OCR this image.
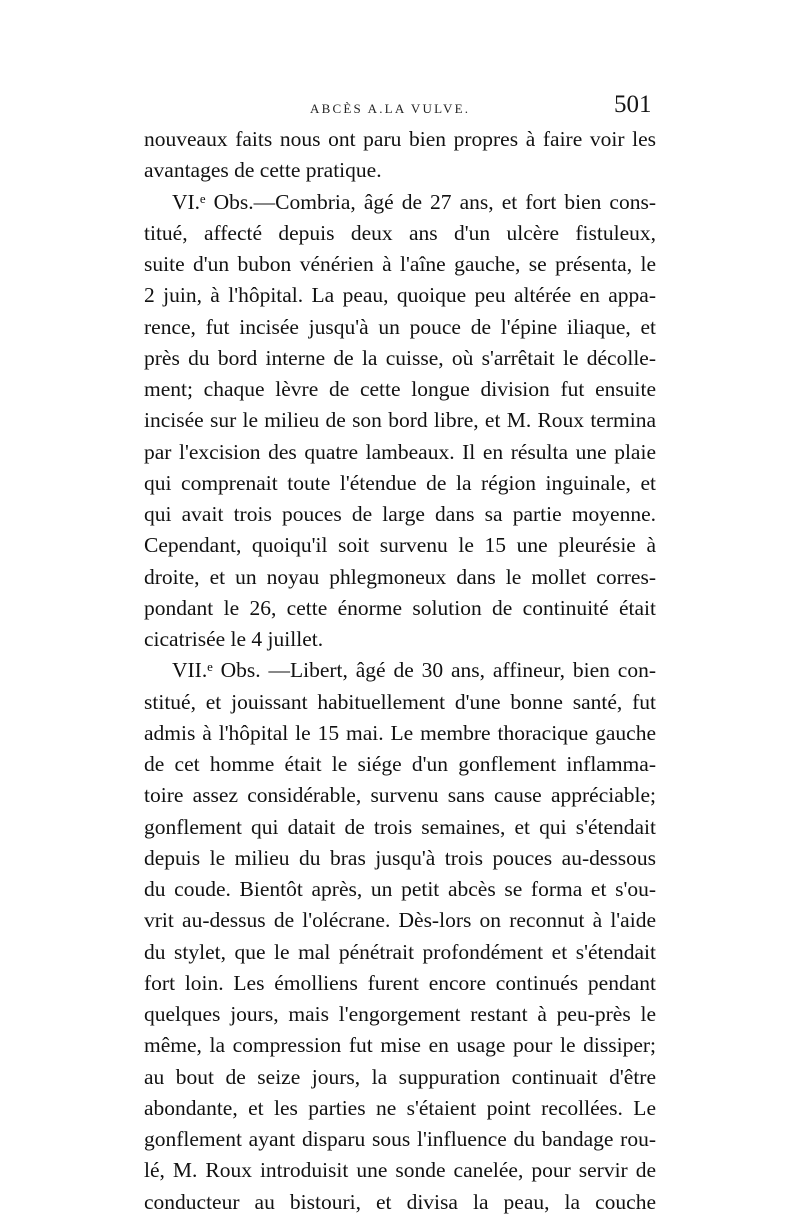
ABCÈS A.LA VULVE.	501
nouveaux faits nous ont paru bien propres à faire voir les
avantages de cette pratique.
VI.ᵉ Obs.—Combria, âgé de 27 ans, et fort bien cons-
titué, affecté depuis deux ans d'un ulcère fistuleux,
suite d'un bubon vénérien à l'aîne gauche, se présenta, le
2 juin, à l'hôpital. La peau, quoique peu altérée en appa-
rence, fut incisée jusqu'à un pouce de l'épine iliaque, et
près du bord interne de la cuisse, où s'arrêtait le décolle-
ment; chaque lèvre de cette longue division fut ensuite
incisée sur le milieu de son bord libre, et M. Roux termina
par l'excision des quatre lambeaux. Il en résulta une plaie
qui comprenait toute l'étendue de la région inguinale, et
qui avait trois pouces de large dans sa partie moyenne.
Cependant, quoiqu'il soit survenu le 15 une pleurésie à
droite, et un noyau phlegmoneux dans le mollet corres-
pondant le 26, cette énorme solution de continuité était
cicatrisée le 4 juillet.
VII.ᵉ Obs. —Libert, âgé de 30 ans, affineur, bien con-
stitué, et jouissant habituellement d'une bonne santé, fut
admis à l'hôpital le 15 mai. Le membre thoracique gauche
de cet homme était le siége d'un gonflement inflamma-
toire assez considérable, survenu sans cause appréciable;
gonflement qui datait de trois semaines, et qui s'étendait
depuis le milieu du bras jusqu'à trois pouces au-dessous
du coude. Bientôt après, un petit abcès se forma et s'ou-
vrit au-dessus de l'olécrane. Dès-lors on reconnut à l'aide
du stylet, que le mal pénétrait profondément et s'étendait
fort loin. Les émolliens furent encore continués pendant
quelques jours, mais l'engorgement restant à peu-près le
même, la compression fut mise en usage pour le dissiper;
au bout de seize jours, la suppuration continuait d'être
abondante, et les parties ne s'étaient point recollées. Le
gonflement ayant disparu sous l'influence du bandage rou-
lé, M. Roux introduisit une sonde canelée, pour servir de
conducteur au bistouri, et divisa la peau, la couche
